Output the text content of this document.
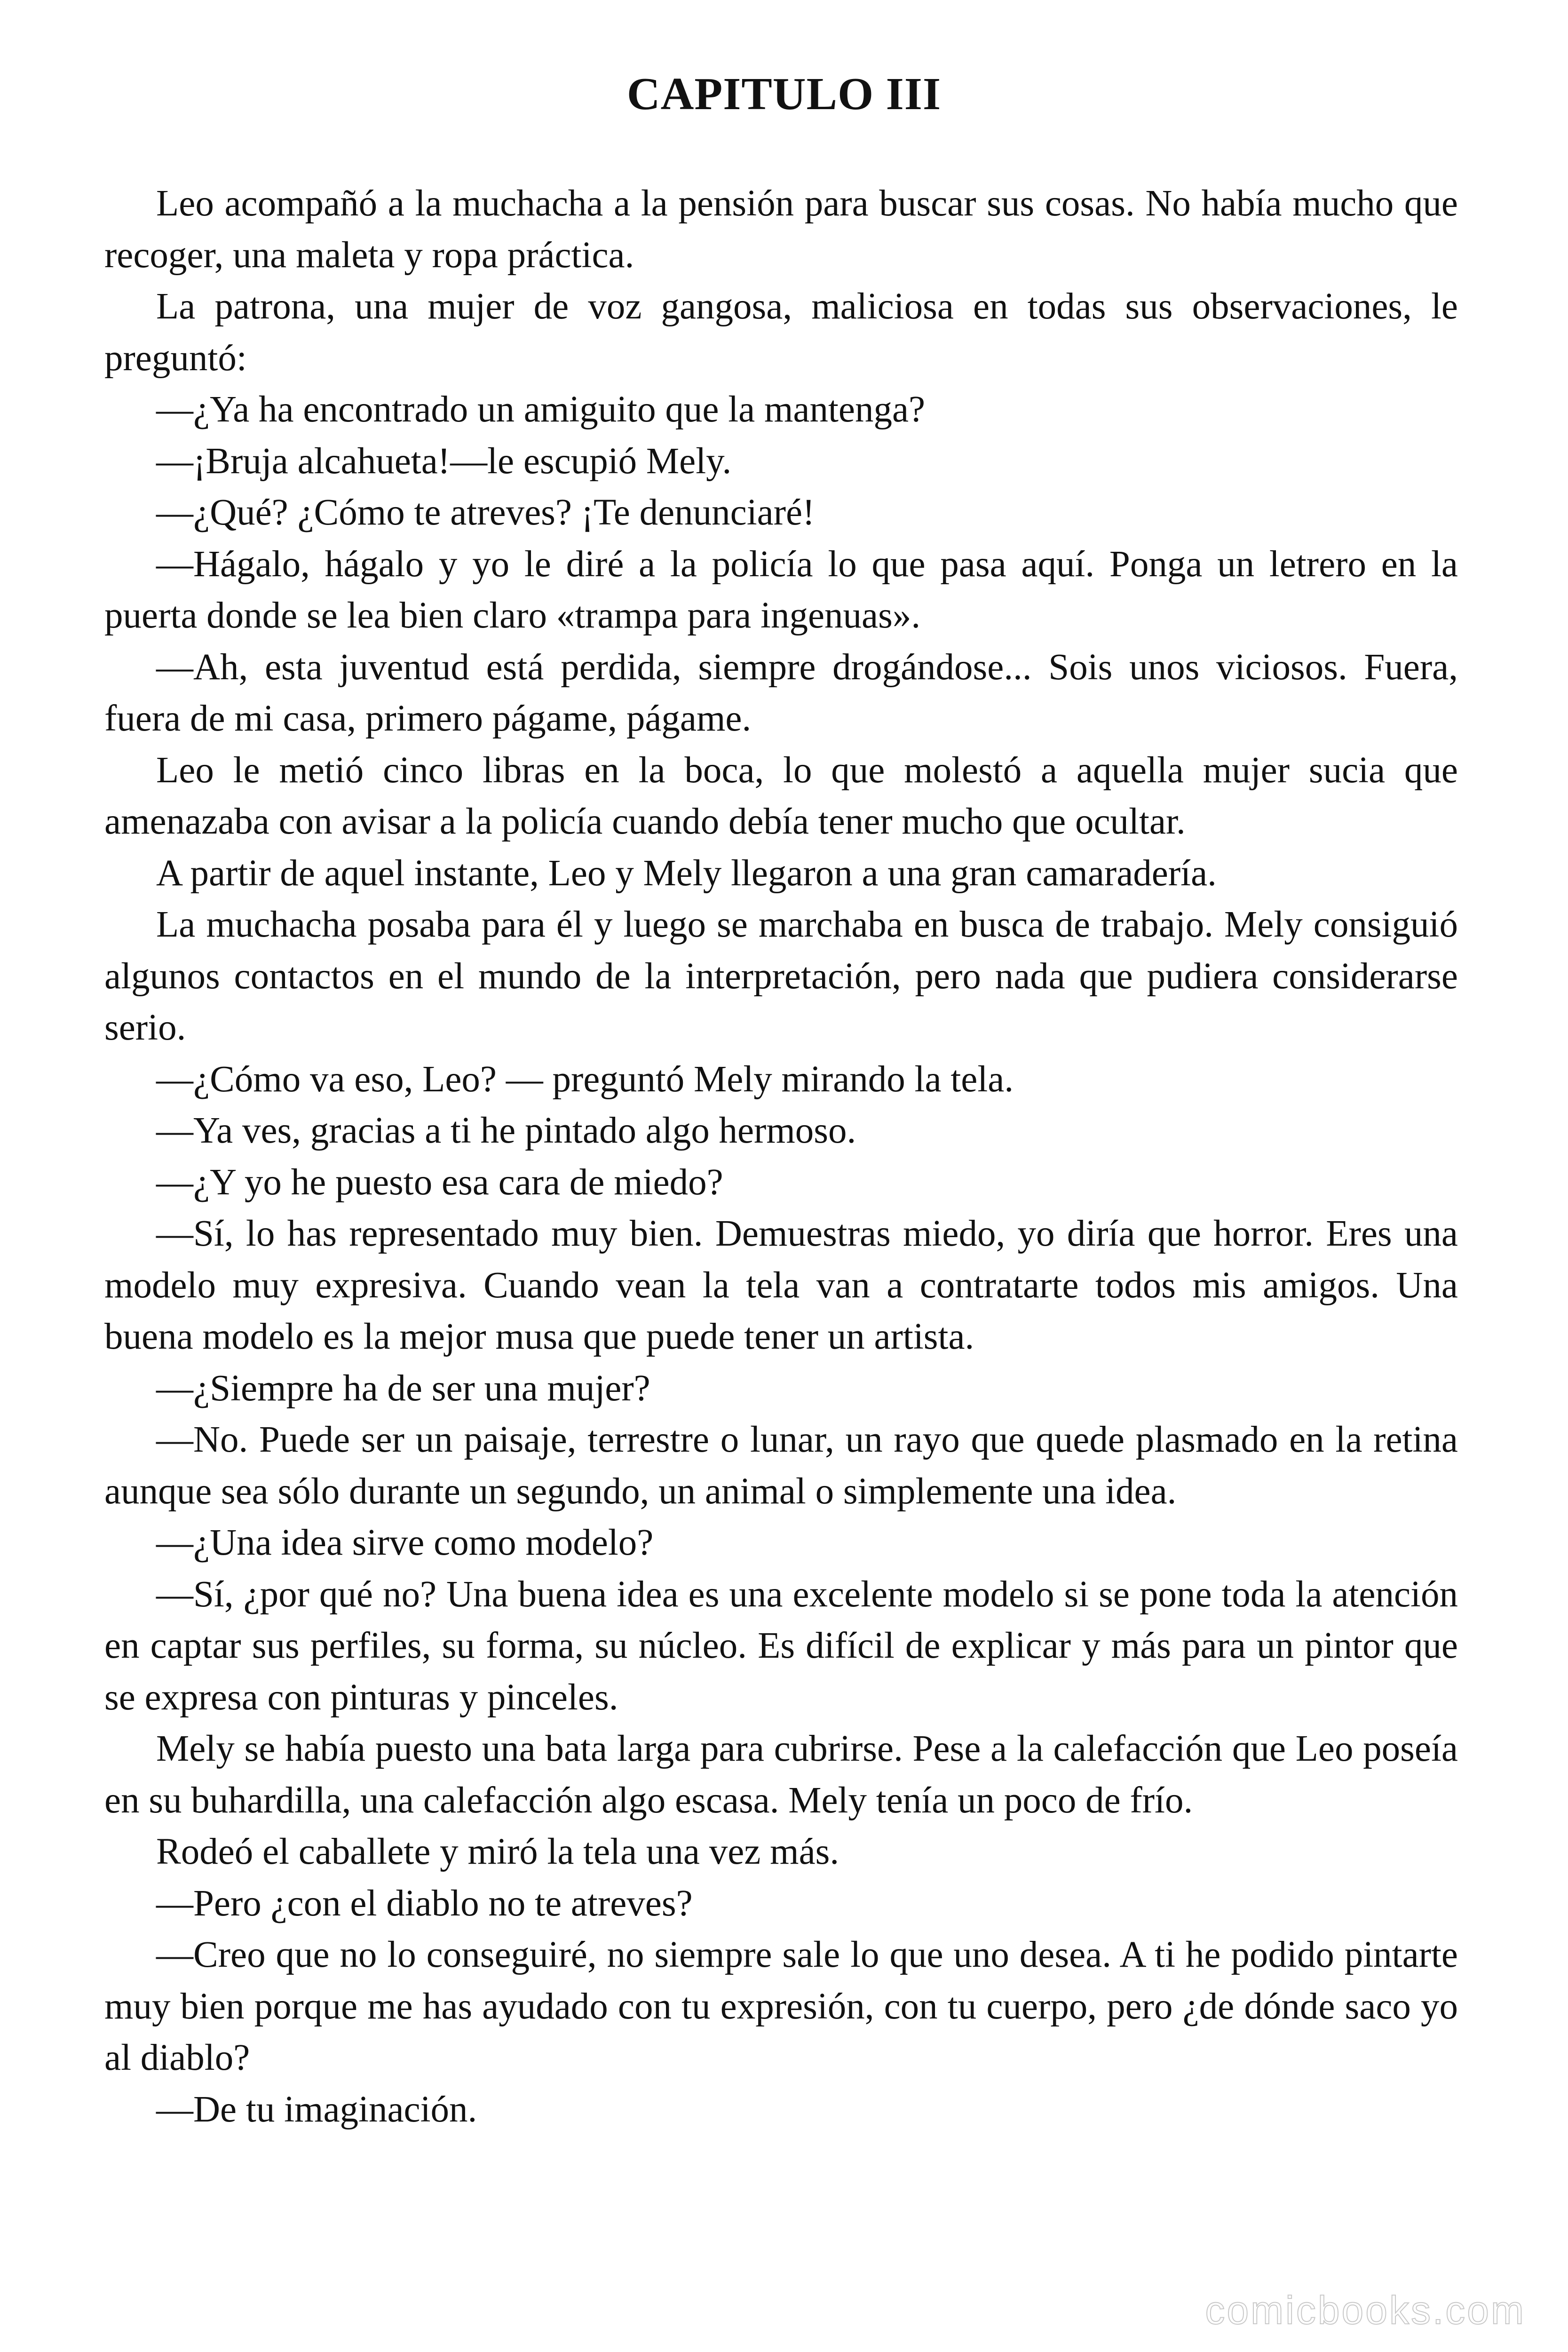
CAPITULO III

Leo acompañó a la muchacha a la pensión para buscar sus cosas. No había mucho que recoger, una maleta y ropa práctica.

La patrona, una mujer de voz gangosa, maliciosa en todas sus observaciones, le preguntó:

—¿Ya ha encontrado un amiguito que la mantenga?

—¡Bruja alcahueta!—le escupió Mely.

—¿Qué? ¿Cómo te atreves? ¡Te denunciaré!

—Hágalo, hágalo y yo le diré a la policía lo que pasa aquí. Ponga un letrero en la puerta donde se lea bien claro «trampa para ingenuas».

—Ah, esta juventud está perdida, siempre drogándose... Sois unos viciosos. Fuera, fuera de mi casa, primero págame, págame.

Leo le metió cinco libras en la boca, lo que molestó a aquella mujer sucia que amenazaba con avisar a la policía cuando debía tener mucho que ocultar.

A partir de aquel instante, Leo y Mely llegaron a una gran camaradería.

La muchacha posaba para él y luego se marchaba en busca de trabajo. Mely consiguió algunos contactos en el mundo de la interpretación, pero nada que pudiera considerarse serio.

—¿Cómo va eso, Leo? — preguntó Mely mirando la tela.

—Ya ves, gracias a ti he pintado algo hermoso.

—¿Y yo he puesto esa cara de miedo?

—Sí, lo has representado muy bien. Demuestras miedo, yo diría que horror. Eres una modelo muy expresiva. Cuando vean la tela van a contratarte todos mis amigos. Una buena modelo es la mejor musa que puede tener un artista.

—¿Siempre ha de ser una mujer?

—No. Puede ser un paisaje, terrestre o lunar, un rayo que quede plasmado en la retina aunque sea sólo durante un segundo, un animal o simplemente una idea.

—¿Una idea sirve como modelo?

—Sí, ¿por qué no? Una buena idea es una excelente modelo si se pone toda la atención en captar sus perfiles, su forma, su núcleo. Es difícil de explicar y más para un pintor que se expresa con pinturas y pinceles.

Mely se había puesto una bata larga para cubrirse. Pese a la calefacción que Leo poseía en su buhardilla, una calefacción algo escasa. Mely tenía un poco de frío.

Rodeó el caballete y miró la tela una vez más.

—Pero ¿con el diablo no te atreves?

—Creo que no lo conseguiré, no siempre sale lo que uno desea. A ti he podido pintarte muy bien porque me has ayudado con tu expresión, con tu cuerpo, pero ¿de dónde saco yo al diablo?

—De tu imaginación.

comicbooks.com
